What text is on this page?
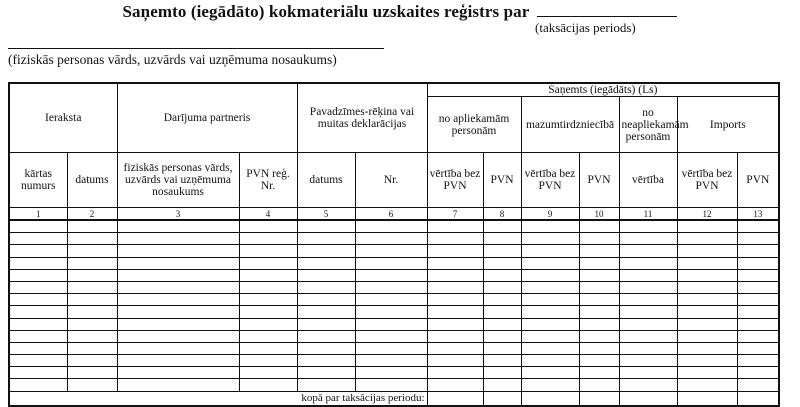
Saņemto (iegādāto) kokmateriālu uzskaites reģistrs par
(taksācijas periods)
(fiziskās personas vārds, uzvārds vai uzņēmuma nosaukums)
Ieraksta		Darījuma partneris		Pavadzīmes-rēķina vai muitas deklarācijas		Saņemts (iegādāts) (Ls)						
						no apliekamām personām		mazumtirdzniecībā		no neapliekamām personām	Imports	
kārtas numurs	datums	fiziskās personas vārds, uzvārds vai uzņēmuma nosaukums	PVN reģ. Nr.	datums	Nr.	vērtība bez PVN	PVN	vērtība bez PVN	PVN	vērtība	vērtība bez PVN	PVN
1	2	3	4	5	6	7	8	9	10	11	12	13

kopā par taksācijas periodu:												
